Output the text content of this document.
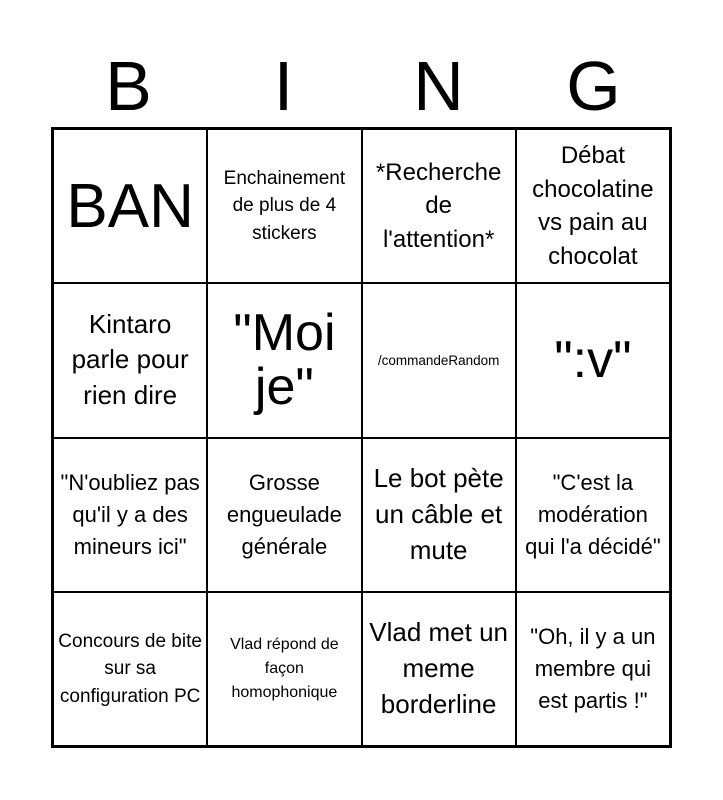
B	I	N	G
BAN	Enchainement de plus de 4 stickers
*Recherche de l'attention*
Débat chocolatine vs pain au chocolat
Kintaro parle pour rien dire
"Moi je"	/commandeRandom ":v"
"N'oubliez pas qu'il y a des mineurs ici"
Grosse engueulade générale
Le bot pète un câble et mute
"C'est la modération qui l'a décidé"
Concours de bite sur sa configuration PC
Vlad répond de façon homophonique
Vlad met un meme borderline
"Oh, il y a un membre qui est partis !"
